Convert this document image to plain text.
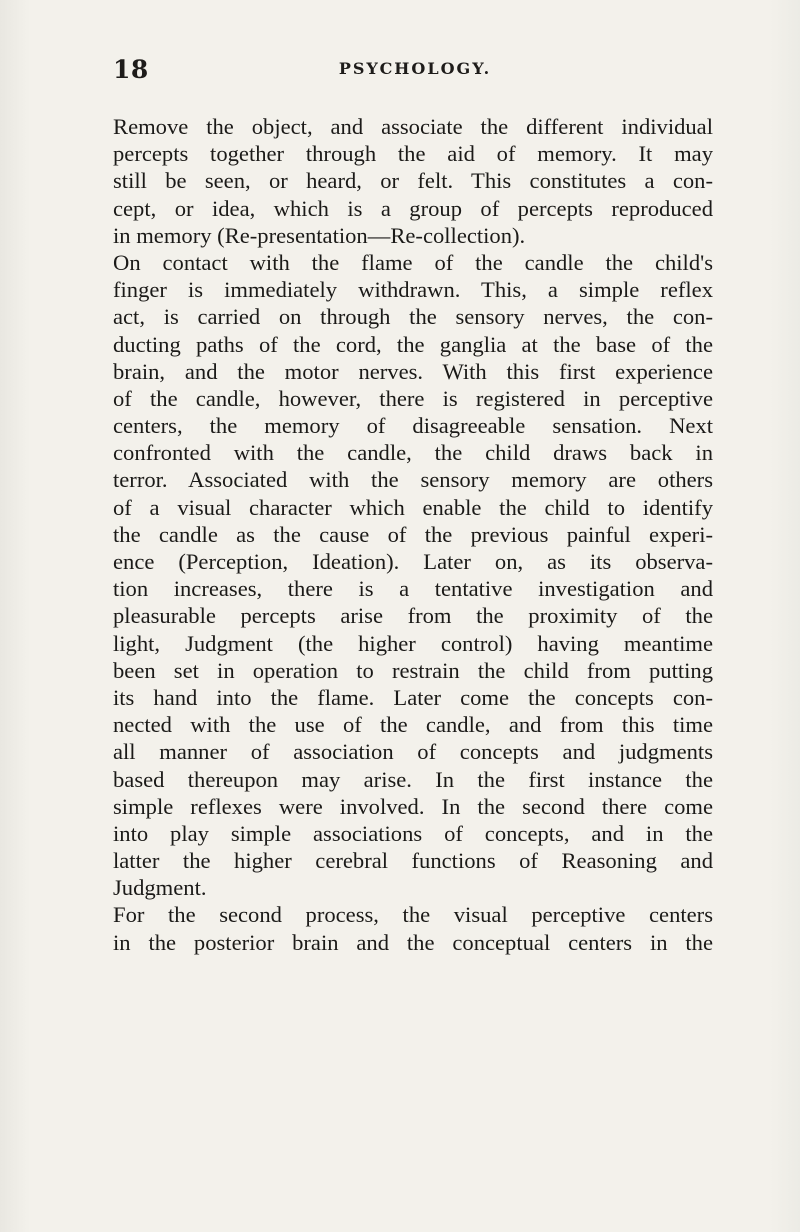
18	PSYCHOLOGY.
Remove the object, and associate the different individual
percepts together through the aid of memory. It may
still be seen, or heard, or felt. This constitutes a con-
cept, or idea, which is a group of percepts reproduced
in memory (Re-presentation—Re-collection).
On contact with the flame of the candle the child's
finger is immediately withdrawn. This, a simple reflex
act, is carried on through the sensory nerves, the con-
ducting paths of the cord, the ganglia at the base of the
brain, and the motor nerves. With this first experience
of the candle, however, there is registered in perceptive
centers, the memory of disagreeable sensation. Next
confronted with the candle, the child draws back in
terror. Associated with the sensory memory are others
of a visual character which enable the child to identify
the candle as the cause of the previous painful experi-
ence (Perception, Ideation). Later on, as its observa-
tion increases, there is a tentative investigation and
pleasurable percepts arise from the proximity of the
light, Judgment (the higher control) having meantime
been set in operation to restrain the child from putting
its hand into the flame. Later come the concepts con-
nected with the use of the candle, and from this time
all manner of association of concepts and judgments
based thereupon may arise. In the first instance the
simple reflexes were involved. In the second there come
into play simple associations of concepts, and in the
latter the higher cerebral functions of Reasoning and
Judgment.
For the second process, the visual perceptive centers
in the posterior brain and the conceptual centers in the
